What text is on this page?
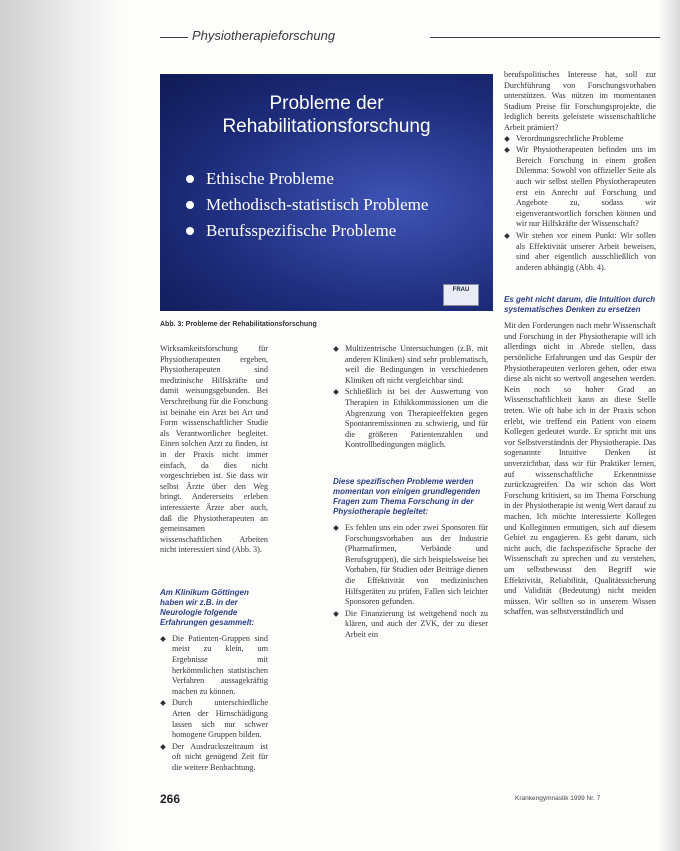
Physiotherapieforschung
Probleme der
Rehabilitationsforschung
Ethische Probleme
Methodisch-statistisch Probleme
Berufsspezifische Probleme
FRAU
Abb. 3: Probleme der Rehabilitationsforschung

Wirksamkeitsforschung für Physiotherapeuten ergeben, Physiotherapeuten sind medizinische Hilfskräfte und damit weisungsgebunden. Bei Verschreibung für die Forschung ist beinahe ein Arzt bei Art und Form wissenschaftlicher Studie als Verantwortlicher begleitet. Einen solchen Arzt zu finden, ist in der Praxis nicht immer einfach, da dies nicht vorgeschrieben ist. Sie dass wir selbst Ärzte über den Weg bringt. Andererseits erleben interessierte Ärzte aber auch, daß die Physiotherapeuten an gemeinsamen wissenschaftlichen Arbeiten nicht interessiert sind (Abb. 3).

Am Klinikum Göttingen haben wir z.B. in der Neurologie folgende Erfahrungen gesammelt:
Die Patienten-Gruppen sind meist zu klein, um Ergebnisse mit herkömmlichen statistischen Verfahren aussagekräftig machen zu können.
Durch unterschiedliche Arten der Hirnschädigung lassen sich nur schwer homogene Gruppen bilden.
Der Ausdruckszeitraum ist oft nicht genügend Zeit für die weitere Beobachtung.
Multizentrische Untersuchungen (z.B. mit anderen Kliniken) sind sehr problematisch, weil die Bedingungen in verschiedenen Kliniken oft nicht vergleichbar sind.
Schließlich ist bei der Auswertung von Therapien in Ethikkommissionen um die Abgrenzung von Therapieeffekten gegen Spontanremissionen zu schwierig, und für die größeren Patientenzahlen und Kontrollbedingungen möglich.
Diese spezifischen Probleme werden momentan von einigen grundlegenden Fragen zum Thema Forschung in der Physiotherapie begleitet:
Es fehlen uns ein oder zwei Sponsoren für Forschungsvorhaben aus der Industrie (Pharmafirmen, Verbände und Berufsgruppen), die sich beispielsweise bei Vorhaben, für Studien oder Beiträge dienen die Effektivität von medizinischen Hilfsgeräten zu prüfen, Fallen sich leichter Sponsoren gefunden.
Die Finanzierung ist weitgehend noch zu klären, und auch der ZVK, der zu dieser Arbeit ein

berufspolitisches Interesse hat, soll zur Durchführung von Forschungsvorhaben unterstützen. Was nützen im momentanen Stadium Preise für Forschungsprojekte, die lediglich bereits geleistete wissenschaftliche Arbeit prämiert?

Verordnungsrechtliche Probleme
Wir Physiotherapeuten befinden uns im Bereich Forschung in einem großen Dilemma: Sowohl von offizieller Seite als auch wir selbst stellen Physiotherapeuten erst ein Anrecht auf Forschung und Angebote zu, sodass wir eigenverantwortlich forschen können und wir nur Hilfskräfte der Wissenschaft?
Wir stehen vor einem Punkt: Wir sollen als Effektivität unserer Arbeit beweisen, sind aber eigentlich ausschließlich von anderen abhängig (Abb. 4).
Es geht nicht darum, die Intuition durch systematisches Denken zu ersetzen

Mit den Forderungen nach mehr Wissenschaft und Forschung in der Physiotherapie will ich allerdings nicht in Abrede stellen, dass persönliche Erfahrungen und das Gespür der Physiotherapeuten verloren gehen, oder etwa diese als nicht so wertvoll angesehen werden. Kein noch so hoher Grad an Wissenschaftlichkeit kann an diese Stelle treten. Wie oft habe ich in der Praxis schon erlebt, wie treffend ein Patient von einem Kollegen gedeutet wurde. Er spricht mit uns vor Selbstverständnis der Physiotherapie. Das sogenannte Intuitive Denken ist unverzichtbar, dass wir für Praktiker lernen, auf wissenschaftliche Erkenntnisse zurückzugreifen. Da wir schon das Wort Forschung kritisiert, so im Thema Forschung in der Physiotherapie ist wenig Wert darauf zu machen. Ich möchte interessierte Kollegen und Kolleginnen ermutigen, sich auf diesem Gebiet zu engagieren. Es geht darum, sich nicht auch, die fachspezifische Sprache der Wissenschaft zu sprechen und zu verstehen, um selbstbewusst den Begriff wie Effektivität, Reliabilität, Qualitätssicherung und Validität (Bedeutung) nicht meiden müssen. Wir sollten so in unserem Wissen schaffen, was selbstverständlich und

266	Krankengymnastik 1999 Nr. 7
